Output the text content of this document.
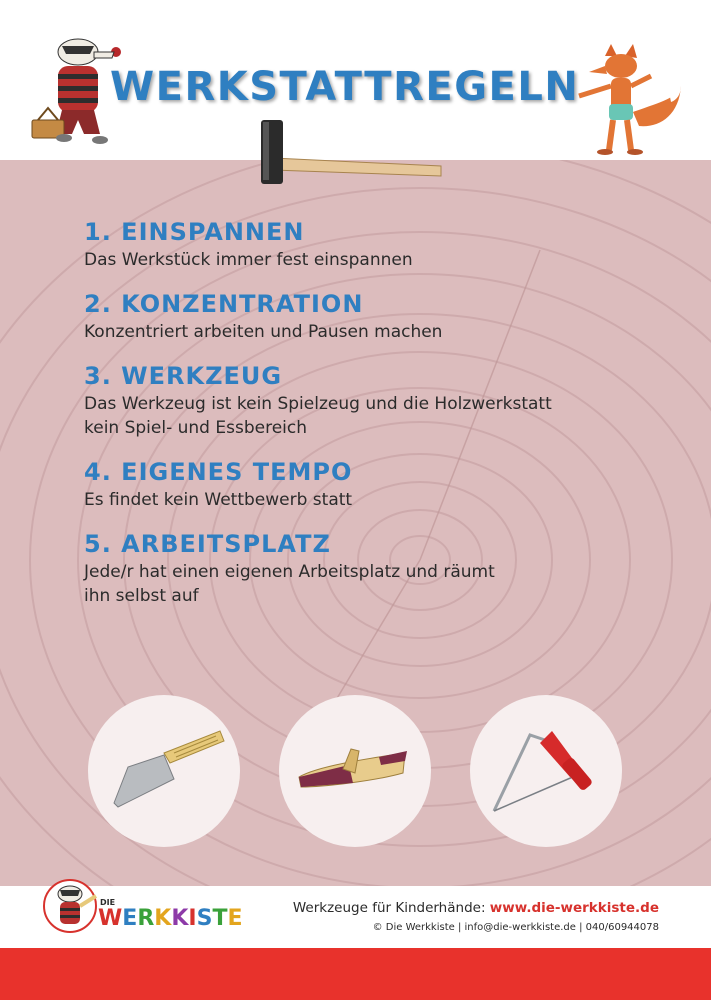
WERKSTATTREGELN
1. EINSPANNEN
Das Werkstück immer fest einspannen
2. KONZENTRATION
Konzentriert arbeiten und Pausen machen
3. WERKZEUG
Das Werkzeug ist kein Spielzeug und die Holzwerkstatt
kein Spiel- und Essbereich
4. EIGENES TEMPO
Es findet kein Wettbewerb statt
5. ARBEITSPLATZ
Jede/r hat einen eigenen Arbeitsplatz und räumt
ihn selbst auf
DIE
WERKKISTE	Werkzeuge für Kinderhände: www.die-werkkiste.de
© Die Werkkiste | info@die-werkkiste.de | 040/60944078
